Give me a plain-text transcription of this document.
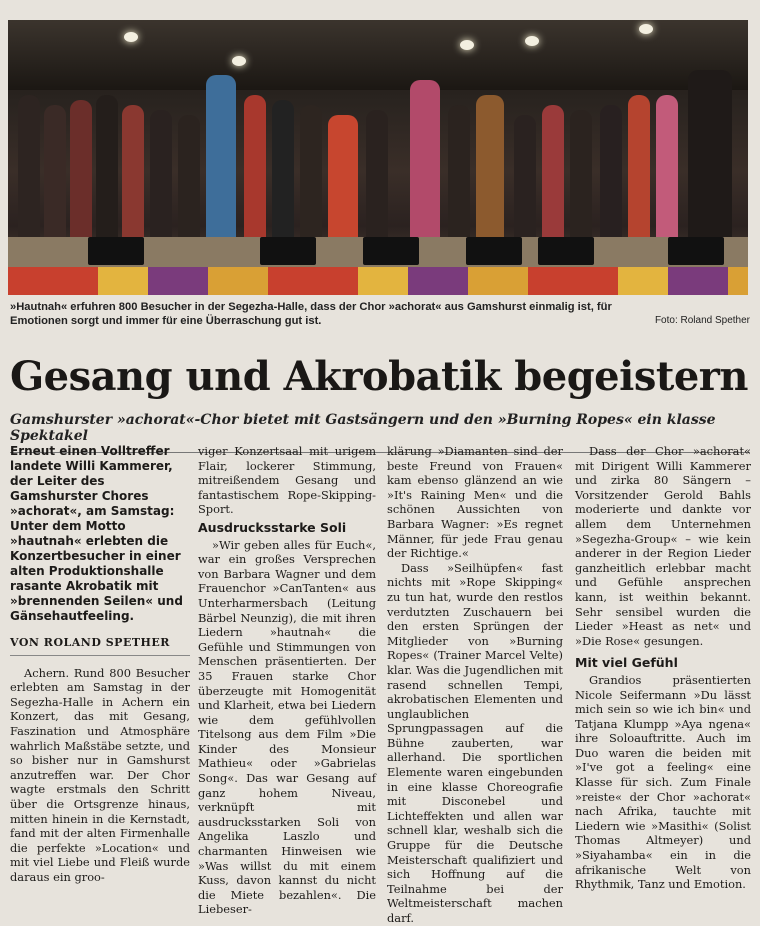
»Hautnah« erfuhren 800 Besucher in der Segezha-Halle, dass der Chor »achorat« aus Gamshurst einmalig ist, für Emotionen sorgt und immer für eine Überraschung gut ist.	Foto: Roland Spether
Gesang und Akrobatik begeistern
Gamshurster »achorat«-Chor bietet mit Gastsängern und den »Burning Ropes« ein klasse Spektakel

Erneut einen Volltreffer landete Willi Kammerer, der Leiter des Gamshurster Chores »achorat«, am Samstag: Unter dem Motto »hautnah« erlebten die Konzertbesucher in einer alten Produktionshalle rasante Akrobatik mit »brennenden Seilen« und Gänsehautfeeling.

VON ROLAND SPETHER

Achern. Rund 800 Besucher erlebten am Samstag in der Segezha-Halle in Achern ein Konzert, das mit Gesang, Faszination und Atmosphäre wahrlich Maßstäbe setzte, und so bisher nur in Gamshurst anzutreffen war. Der Chor wagte erstmals den Schritt über die Ortsgrenze hinaus, mitten hinein in die Kernstadt, fand mit der alten Firmenhalle die perfekte »Location« und mit viel Liebe und Fleiß wurde daraus ein groo-

viger Konzertsaal mit urigem Flair, lockerer Stimmung, mitreißendem Gesang und fantastischem Rope-Skipping-Sport.

Ausdrucksstarke Soli

»Wir geben alles für Euch«, war ein großes Versprechen von Barbara Wagner und dem Frauenchor »CanTanten« aus Unterharmersbach (Leitung Bärbel Neunzig), die mit ihren Liedern »hautnah« die Gefühle und Stimmungen von Menschen präsentierten. Der 35 Frauen starke Chor überzeugte mit Homogenität und Klarheit, etwa bei Liedern wie dem gefühlvollen Titelsong aus dem Film »Die Kinder des Monsieur Mathieu« oder »Gabrielas Song«. Das war Gesang auf ganz hohem Niveau, verknüpft mit ausdrucksstarken Soli von Angelika Laszlo und charmanten Hinweisen wie »Was willst du mit einem Kuss, davon kannst du nicht die Miete bezahlen«. Die Liebeser-

klärung »Diamanten sind der beste Freund von Frauen« kam ebenso glänzend an wie »It's Raining Men« und die schönen Aussichten von Barbara Wagner: »Es regnet Männer, für jede Frau genau der Richtige.«

Dass »Seilhüpfen« fast nichts mit »Rope Skipping« zu tun hat, wurde den restlos verdutzten Zuschauern bei den ersten Sprüngen der Mitglieder von »Burning Ropes« (Trainer Marcel Velte) klar. Was die Jugendlichen mit rasend schnellen Tempi, akrobatischen Elementen und unglaublichen Sprungpassagen auf die Bühne zauberten, war allerhand. Die sportlichen Elemente waren eingebunden in eine klasse Choreografie mit Disconebel und Lichteffekten und allen war schnell klar, weshalb sich die Gruppe für die Deutsche Meisterschaft qualifiziert und sich Hoffnung auf die Teilnahme bei der Weltmeisterschaft machen darf.

Dass der Chor »achorat« mit Dirigent Willi Kammerer und zirka 80 Sängern – Vorsitzender Gerold Bahls moderierte und dankte vor allem dem Unternehmen »Segezha-Group« – wie kein anderer in der Region Lieder ganzheitlich erlebbar macht und Gefühle ansprechen kann, ist weithin bekannt. Sehr sensibel wurden die Lieder »Heast as net« und »Die Rose« gesungen.

Mit viel Gefühl

Grandios präsentierten Nicole Seifermann »Du lässt mich sein so wie ich bin« und Tatjana Klumpp »Aya ngena« ihre Soloauftritte. Auch im Duo waren die beiden mit »I've got a feeling« eine Klasse für sich. Zum Finale »reiste« der Chor »achorat« nach Afrika, tauchte mit Liedern wie »Masithi« (Solist Thomas Altmeyer) und »Siyahamba« ein in die afrikanische Welt von Rhythmik, Tanz und Emotion.
